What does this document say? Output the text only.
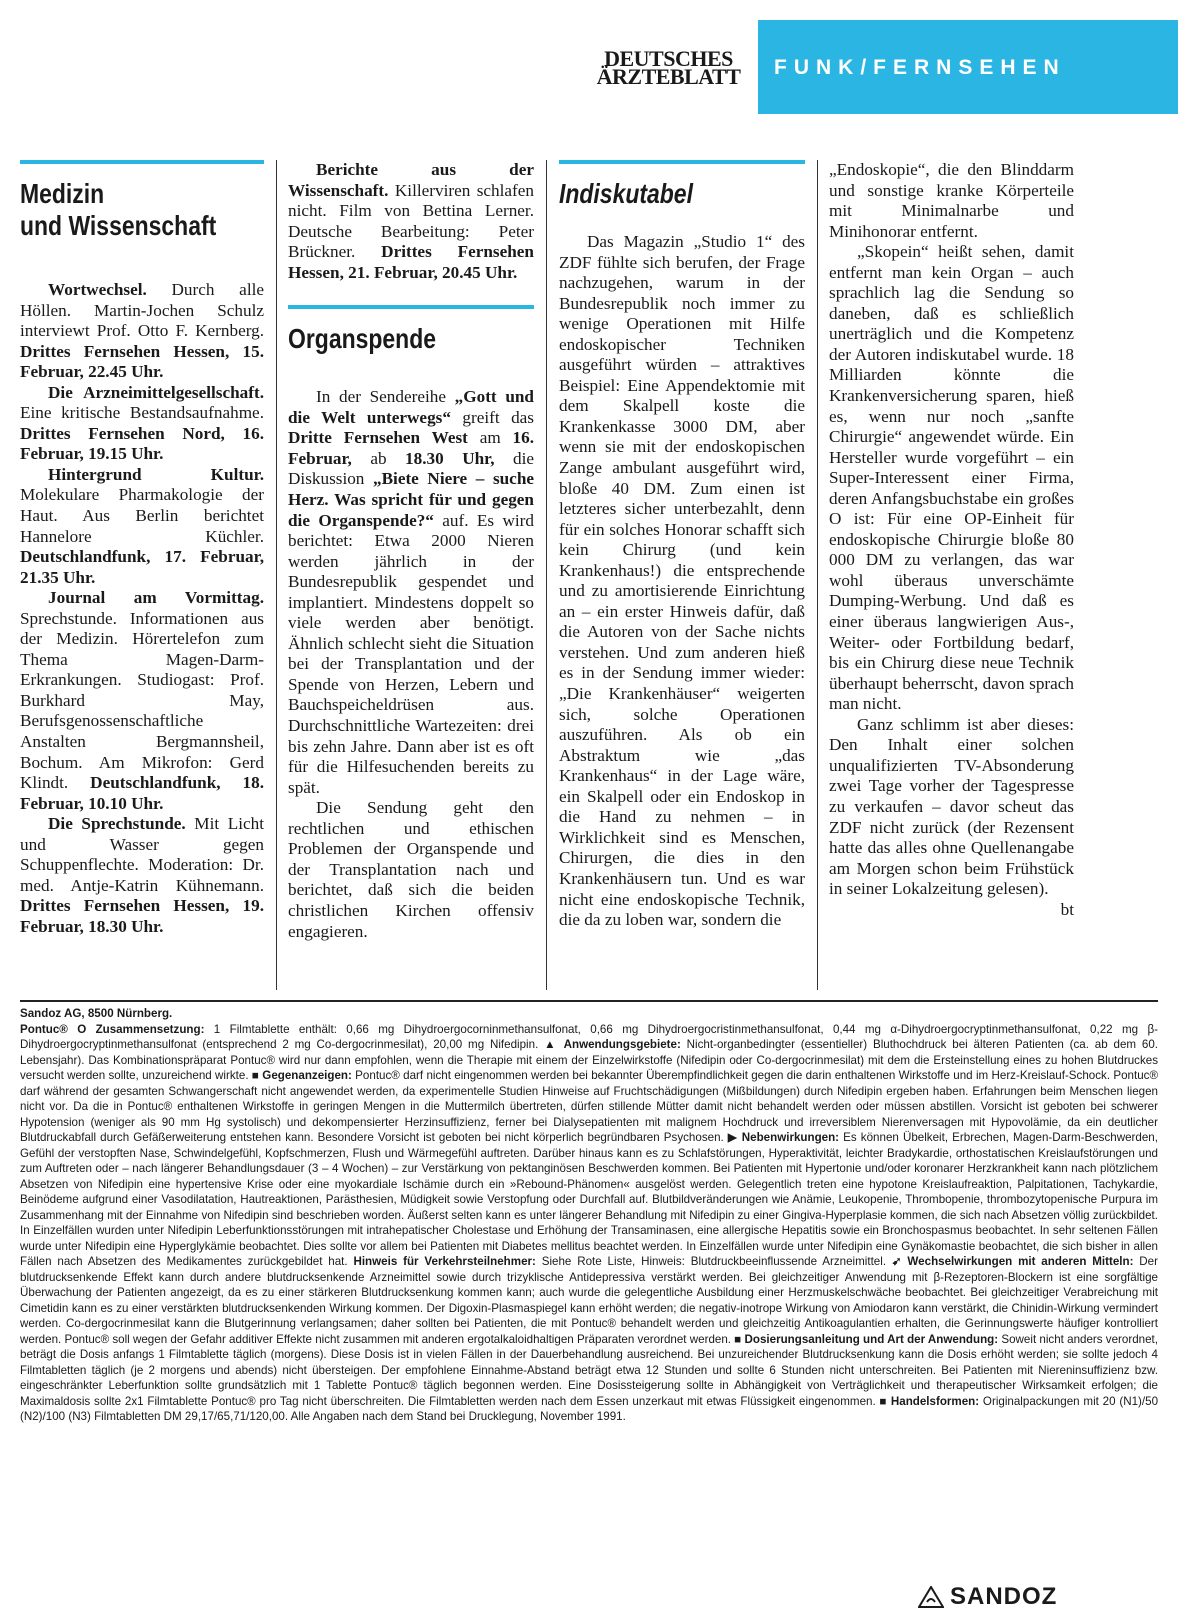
DEUTSCHES
ÄRZTEBLATT	FUNK/FERNSEHEN
Medizin
und Wissenschaft

Wortwechsel. Durch alle Höllen. Martin-Jochen Schulz interviewt Prof. Otto F. Kernberg. Drittes Fernsehen Hessen, 15. Februar, 22.45 Uhr.

Die Arzneimittelgesellschaft. Eine kritische Bestandsaufnahme. Drittes Fernsehen Nord, 16. Februar, 19.15 Uhr.

Hintergrund Kultur. Molekulare Pharmakologie der Haut. Aus Berlin berichtet Hannelore Küchler. Deutschlandfunk, 17. Februar, 21.35 Uhr.

Journal am Vormittag. Sprechstunde. Informationen aus der Medizin. Hörertelefon zum Thema Magen-Darm-Erkrankungen. Studiogast: Prof. Burkhard May, Berufsgenossenschaftliche Anstalten Bergmannsheil, Bochum. Am Mikrofon: Gerd Klindt. Deutschlandfunk, 18. Februar, 10.10 Uhr.

Die Sprechstunde. Mit Licht und Wasser gegen Schuppenflechte. Moderation: Dr. med. Antje-Katrin Kühnemann. Drittes Fernsehen Hessen, 19. Februar, 18.30 Uhr.

Berichte aus der Wissenschaft. Killerviren schlafen nicht. Film von Bettina Lerner. Deutsche Bearbeitung: Peter Brückner. Drittes Fernsehen Hessen, 21. Februar, 20.45 Uhr.

Organspende

In der Sendereihe „Gott und die Welt unterwegs“ greift das Dritte Fernsehen West am 16. Februar, ab 18.30 Uhr, die Diskussion „Biete Niere – suche Herz. Was spricht für und gegen die Organspende?“ auf. Es wird berichtet: Etwa 2000 Nieren werden jährlich in der Bundesrepublik gespendet und implantiert. Mindestens doppelt so viele werden aber benötigt. Ähnlich schlecht sieht die Situation bei der Transplantation und der Spende von Herzen, Lebern und Bauchspeicheldrüsen aus. Durchschnittliche Wartezeiten: drei bis zehn Jahre. Dann aber ist es oft für die Hilfesuchenden bereits zu spät.

Die Sendung geht den rechtlichen und ethischen Problemen der Organspende und der Transplantation nach und berichtet, daß sich die beiden christlichen Kirchen offensiv engagieren.

Indiskutabel

Das Magazin „Studio 1“ des ZDF fühlte sich berufen, der Frage nachzugehen, warum in der Bundesrepublik noch immer zu wenige Operationen mit Hilfe endoskopischer Techniken ausgeführt würden – attraktives Beispiel: Eine Appendektomie mit dem Skalpell koste die Krankenkasse 3000 DM, aber wenn sie mit der endoskopischen Zange ambulant ausgeführt wird, bloße 40 DM. Zum einen ist letzteres sicher unterbezahlt, denn für ein solches Honorar schafft sich kein Chirurg (und kein Krankenhaus!) die entsprechende und zu amortisierende Einrichtung an – ein erster Hinweis dafür, daß die Autoren von der Sache nichts verstehen. Und zum anderen hieß es in der Sendung immer wieder: „Die Krankenhäuser“ weigerten sich, solche Operationen auszuführen. Als ob ein Abstraktum wie „das Krankenhaus“ in der Lage wäre, ein Skalpell oder ein Endoskop in die Hand zu nehmen – in Wirklichkeit sind es Menschen, Chirurgen, die dies in den Krankenhäusern tun. Und es war nicht eine endoskopische Technik, die da zu loben war, sondern die

„Endoskopie“, die den Blinddarm und sonstige kranke Körperteile mit Minimalnarbe und Minihonorar entfernt.

„Skopein“ heißt sehen, damit entfernt man kein Organ – auch sprachlich lag die Sendung so daneben, daß es schließlich unerträglich und die Kompetenz der Autoren indiskutabel wurde. 18 Milliarden könnte die Krankenversicherung sparen, hieß es, wenn nur noch „sanfte Chirurgie“ angewendet würde. Ein Hersteller wurde vorgeführt – ein Super-Interessent einer Firma, deren Anfangsbuchstabe ein großes O ist: Für eine OP-Einheit für endoskopische Chirurgie bloße 80 000 DM zu verlangen, das war wohl überaus unverschämte Dumping-Werbung. Und daß es einer überaus langwierigen Aus-, Weiter- oder Fortbildung bedarf, bis ein Chirurg diese neue Technik überhaupt beherrscht, davon sprach man nicht.

Ganz schlimm ist aber dieses: Den Inhalt einer solchen unqualifizierten TV-Absonderung zwei Tage vorher der Tagespresse zu verkaufen – davor scheut das ZDF nicht zurück (der Rezensent hatte das alles ohne Quellenangabe am Morgen schon beim Frühstück in seiner Lokalzeitung gelesen).
bt

Sandoz AG, 8500 Nürnberg.
Pontuc® O Zusammensetzung: 1 Filmtablette enthält: 0,66 mg Dihydroergocorninmethansulfonat, 0,66 mg Dihydroergocristinmethansulfonat, 0,44 mg α-Dihydroergocryptinmethansulfonat, 0,22 mg β-Dihydroergocryptinmethansulfonat (entsprechend 2 mg Co-dergocrinmesilat), 20,00 mg Nifedipin. ▲ Anwendungsgebiete: Nicht-organbedingter (essentieller) Bluthochdruck bei älteren Patienten (ca. ab dem 60. Lebensjahr). Das Kombinationspräparat Pontuc® wird nur dann empfohlen, wenn die Therapie mit einem der Einzelwirkstoffe (Nifedipin oder Co-dergocrinmesilat) mit dem die Ersteinstellung eines zu hohen Blutdruckes versucht werden sollte, unzureichend wirkte. ■ Gegenanzeigen: Pontuc® darf nicht eingenommen werden bei bekannter Überempfindlichkeit gegen die darin enthaltenen Wirkstoffe und im Herz-Kreislauf-Schock. Pontuc® darf während der gesamten Schwangerschaft nicht angewendet werden, da experimentelle Studien Hinweise auf Fruchtschädigungen (Mißbildungen) durch Nifedipin ergeben haben. Erfahrungen beim Menschen liegen nicht vor. Da die in Pontuc® enthaltenen Wirkstoffe in geringen Mengen in die Muttermilch übertreten, dürfen stillende Mütter damit nicht behandelt werden oder müssen abstillen. Vorsicht ist geboten bei schwerer Hypotension (weniger als 90 mm Hg systolisch) und dekompensierter Herzinsuffizienz, ferner bei Dialysepatienten mit malignem Hochdruck und irreversiblem Nierenversagen mit Hypovolämie, da ein deutlicher Blutdruckabfall durch Gefäßerweiterung entstehen kann. Besondere Vorsicht ist geboten bei nicht körperlich begründbaren Psychosen. ▶ Nebenwirkungen: Es können Übelkeit, Erbrechen, Magen-Darm-Beschwerden, Gefühl der verstopften Nase, Schwindelgefühl, Kopfschmerzen, Flush und Wärmegefühl auftreten. Darüber hinaus kann es zu Schlafstörungen, Hyperaktivität, leichter Bradykardie, orthostatischen Kreislaufstörungen und zum Auftreten oder – nach längerer Behandlungsdauer (3 – 4 Wochen) – zur Verstärkung von pektanginösen Beschwerden kommen. Bei Patienten mit Hypertonie und/oder koronarer Herzkrankheit kann nach plötzlichem Absetzen von Nifedipin eine hypertensive Krise oder eine myokardiale Ischämie durch ein »Rebound-Phänomen« ausgelöst werden. Gelegentlich treten eine hypotone Kreislaufreaktion, Palpitationen, Tachykardie, Beinödeme aufgrund einer Vasodilatation, Hautreaktionen, Parästhesien, Müdigkeit sowie Verstopfung oder Durchfall auf. Blutbildveränderungen wie Anämie, Leukopenie, Thrombopenie, thrombozytopenische Purpura im Zusammenhang mit der Einnahme von Nifedipin sind beschrieben worden. Äußerst selten kann es unter längerer Behandlung mit Nifedipin zu einer Gingiva-Hyperplasie kommen, die sich nach Absetzen völlig zurückbildet. In Einzelfällen wurden unter Nifedipin Leberfunktionsstörungen mit intrahepatischer Cholestase und Erhöhung der Transaminasen, eine allergische Hepatitis sowie ein Bronchospasmus beobachtet. In sehr seltenen Fällen wurde unter Nifedipin eine Hyperglykämie beobachtet. Dies sollte vor allem bei Patienten mit Diabetes mellitus beachtet werden. In Einzelfällen wurde unter Nifedipin eine Gynäkomastie beobachtet, die sich bisher in allen Fällen nach Absetzen des Medikamentes zurückgebildet hat. Hinweis für Verkehrsteilnehmer: Siehe Rote Liste, Hinweis: Blutdruckbeeinflussende Arzneimittel. ➹ Wechselwirkungen mit anderen Mitteln: Der blutdrucksenkende Effekt kann durch andere blutdrucksenkende Arzneimittel sowie durch trizyklische Antidepressiva verstärkt werden. Bei gleichzeitiger Anwendung mit β-Rezeptoren-Blockern ist eine sorgfältige Überwachung der Patienten angezeigt, da es zu einer stärkeren Blutdrucksenkung kommen kann; auch wurde die gelegentliche Ausbildung einer Herzmuskelschwäche beobachtet. Bei gleichzeitiger Verabreichung mit Cimetidin kann es zu einer verstärkten blutdrucksenkenden Wirkung kommen. Der Digoxin-Plasmaspiegel kann erhöht werden; die negativ-inotrope Wirkung von Amiodaron kann verstärkt, die Chinidin-Wirkung vermindert werden. Co-dergocrinmesilat kann die Blutgerinnung verlangsamen; daher sollten bei Patienten, die mit Pontuc® behandelt werden und gleichzeitig Antikoagulantien erhalten, die Gerinnungswerte häufiger kontrolliert werden. Pontuc® soll wegen der Gefahr additiver Effekte nicht zusammen mit anderen ergotalkaloidhaltigen Präparaten verordnet werden. ■ Dosierungsanleitung und Art der Anwendung: Soweit nicht anders verordnet, beträgt die Dosis anfangs 1 Filmtablette täglich (morgens). Diese Dosis ist in vielen Fällen in der Dauerbehandlung ausreichend. Bei unzureichender Blutdrucksenkung kann die Dosis erhöht werden; sie sollte jedoch 4 Filmtabletten täglich (je 2 morgens und abends) nicht übersteigen. Der empfohlene Einnahme-Abstand beträgt etwa 12 Stunden und sollte 6 Stunden nicht unterschreiten. Bei Patienten mit Niereninsuffizienz bzw. eingeschränkter Leberfunktion sollte grundsätzlich mit 1 Tablette Pontuc® täglich begonnen werden. Eine Dosissteigerung sollte in Abhängigkeit von Verträglichkeit und therapeutischer Wirksamkeit erfolgen; die Maximaldosis sollte 2x1 Filmtablette Pontuc® pro Tag nicht überschreiten. Die Filmtabletten werden nach dem Essen unzerkaut mit etwas Flüssigkeit eingenommen. ■ Handelsformen: Originalpackungen mit 20 (N1)/50 (N2)/100 (N3) Filmtabletten DM 29,17/65,71/120,00. Alle Angaben nach dem Stand bei Drucklegung, November 1991.
SANDOZ
